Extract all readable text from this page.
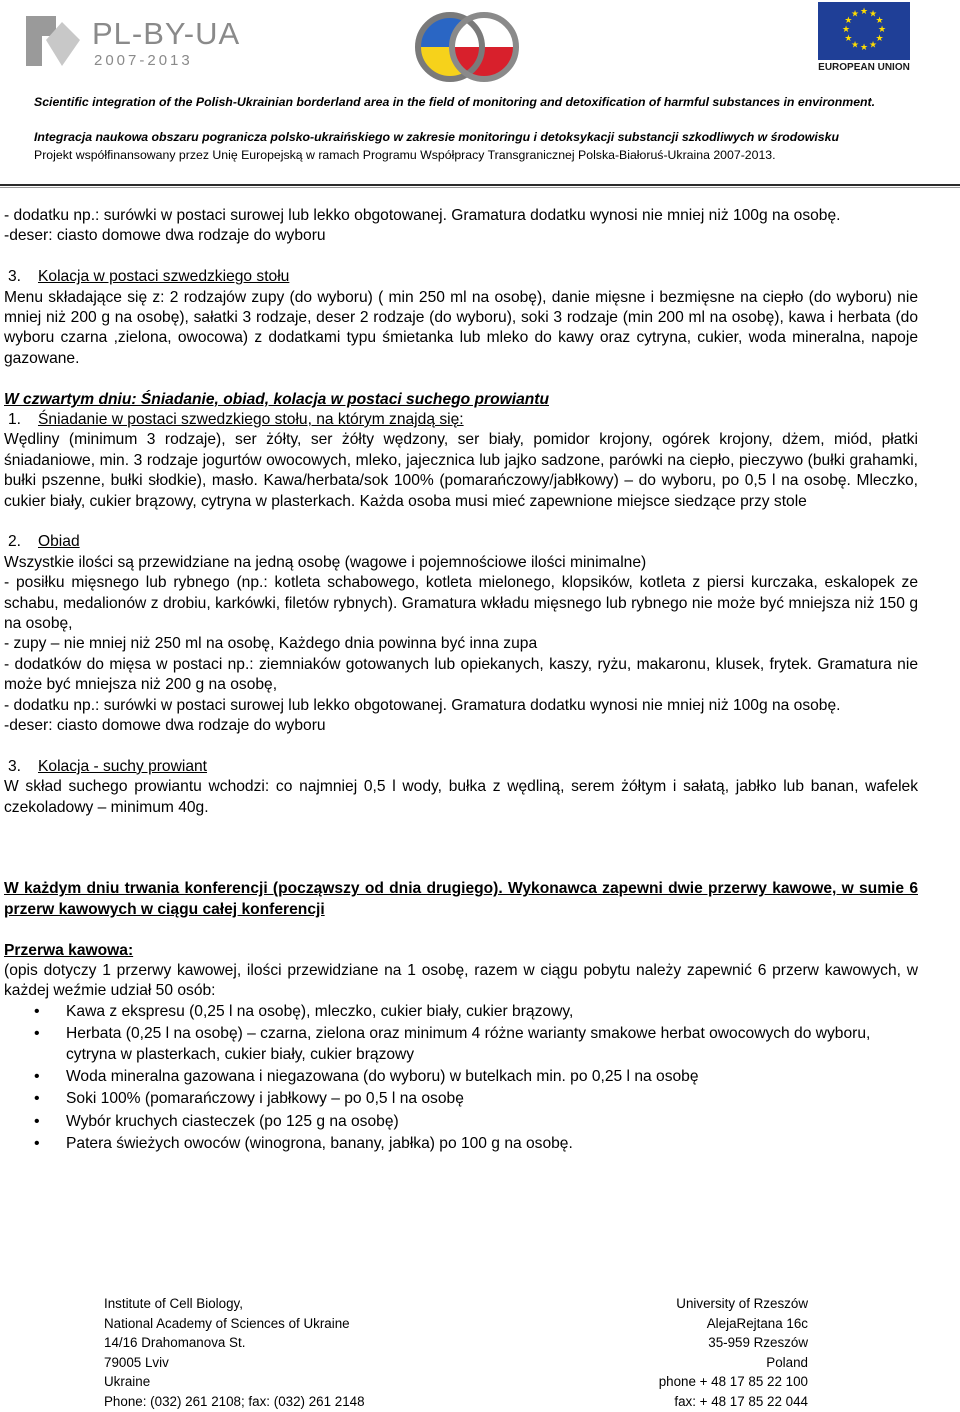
PL-BY-UA
2007-2013
★ ★
★
★
★
★
★
★
★
★
★
★
EUROPEAN UNION
Scientific integration of the Polish-Ukrainian borderland area in the field of monitoring and detoxification of harmful substances in environment.
Integracja naukowa obszaru pogranicza polsko-ukraińskiego w zakresie monitoringu i detoksykacji substancji szkodliwych w środowisku
Projekt współfinansowany przez Unię Europejską w ramach Programu Współpracy Transgranicznej Polska-Białoruś-Ukraina 2007-2013.

- dodatku np.: surówki w postaci surowej lub lekko obgotowanej. Gramatura dodatku wynosi nie mniej niż 100g na osobę.

-deser: ciasto domowe dwa rodzaje do wyboru

3. Kolacja w postaci szwedzkiego stołu

Menu składające się z: 2 rodzajów zupy (do wyboru) ( min 250 ml na osobę), danie mięsne i bezmięsne na ciepło (do wyboru) nie mniej niż 200 g na osobę), sałatki 3 rodzaje, deser 2 rodzaje (do wyboru), soki 3 rodzaje (min 200 ml na osobę), kawa i herbata (do wyboru czarna ,zielona, owocowa) z dodatkami typu śmietanka lub mleko do kawy oraz cytryna, cukier, woda mineralna, napoje gazowane.

W czwartym dniu: Śniadanie, obiad, kolacja w postaci suchego prowiantu

1. Śniadanie w postaci szwedzkiego stołu, na którym znajdą się:

Wędliny (minimum 3 rodzaje), ser żółty, ser żółty wędzony, ser biały, pomidor krojony, ogórek krojony, dżem, miód, płatki śniadaniowe, min. 3 rodzaje jogurtów owocowych, mleko, jajecznica lub jajko sadzone, parówki na ciepło, pieczywo (bułki grahamki, bułki pszenne, bułki słodkie), masło. Kawa/herbata/sok 100% (pomarańczowy/jabłkowy) – do wyboru, po 0,5 l na osobę. Mleczko, cukier biały, cukier brązowy, cytryna w plasterkach. Każda osoba musi mieć zapewnione miejsce siedzące przy stole

2. Obiad

Wszystkie ilości są przewidziane na jedną osobę (wagowe i pojemnościowe ilości minimalne)

- posiłku mięsnego lub rybnego (np.: kotleta schabowego, kotleta mielonego, klopsików, kotleta z piersi kurczaka, eskalopek ze schabu, medalionów z drobiu, karkówki, filetów rybnych). Gramatura wkładu mięsnego lub rybnego nie może być mniejsza niż 150 g na osobę,

- zupy – nie mniej niż 250 ml na osobę, Każdego dnia powinna być inna zupa

- dodatków do mięsa w postaci np.: ziemniaków gotowanych lub opiekanych, kaszy, ryżu, makaronu, klusek, frytek. Gramatura nie może być mniejsza niż 200 g na osobę,

- dodatku np.: surówki w postaci surowej lub lekko obgotowanej. Gramatura dodatku wynosi nie mniej niż 100g na osobę.

-deser: ciasto domowe dwa rodzaje do wyboru

3. Kolacja - suchy prowiant

W skład suchego prowiantu wchodzi: co najmniej 0,5 l wody, bułka z wędliną, serem żółtym i sałatą, jabłko lub banan, wafelek czekoladowy – minimum 40g.

W każdym dniu trwania konferencji (począwszy od dnia drugiego). Wykonawca zapewni dwie przerwy kawowe, w sumie 6 przerw kawowych w ciągu całej konferencji

Przerwa kawowa:

(opis dotyczy 1 przerwy kawowej, ilości przewidziane na 1 osobę, razem w ciągu pobytu należy zapewnić 6 przerw kawowych, w każdej weźmie udział 50 osób:

• Kawa z ekspresu (0,25 l na osobę), mleczko, cukier biały, cukier brązowy,
• Herbata (0,25 l na osobę) – czarna, zielona oraz minimum 4 różne warianty smakowe herbat owocowych do wyboru, cytryna w plasterkach, cukier biały, cukier brązowy
• Woda mineralna gazowana i niegazowana (do wyboru) w butelkach min. po 0,25 l na osobę
• Soki 100% (pomarańczowy i jabłkowy – po 0,5 l na osobę
• Wybór kruchych ciasteczek (po 125 g na osobę)
• Patera świeżych owoców (winogrona, banany, jabłka) po 100 g na osobę.
Institute of Cell Biology,
National Academy of Sciences of Ukraine
14/16 Drahomanova St.
79005 Lviv
Ukraine
Phone: (032) 261 2108; fax: (032) 261 2148
University of Rzeszów
AlejaRejtana 16c
35-959 Rzeszów
Poland
phone + 48 17 85 22 100
fax: + 48 17 85 22 044
